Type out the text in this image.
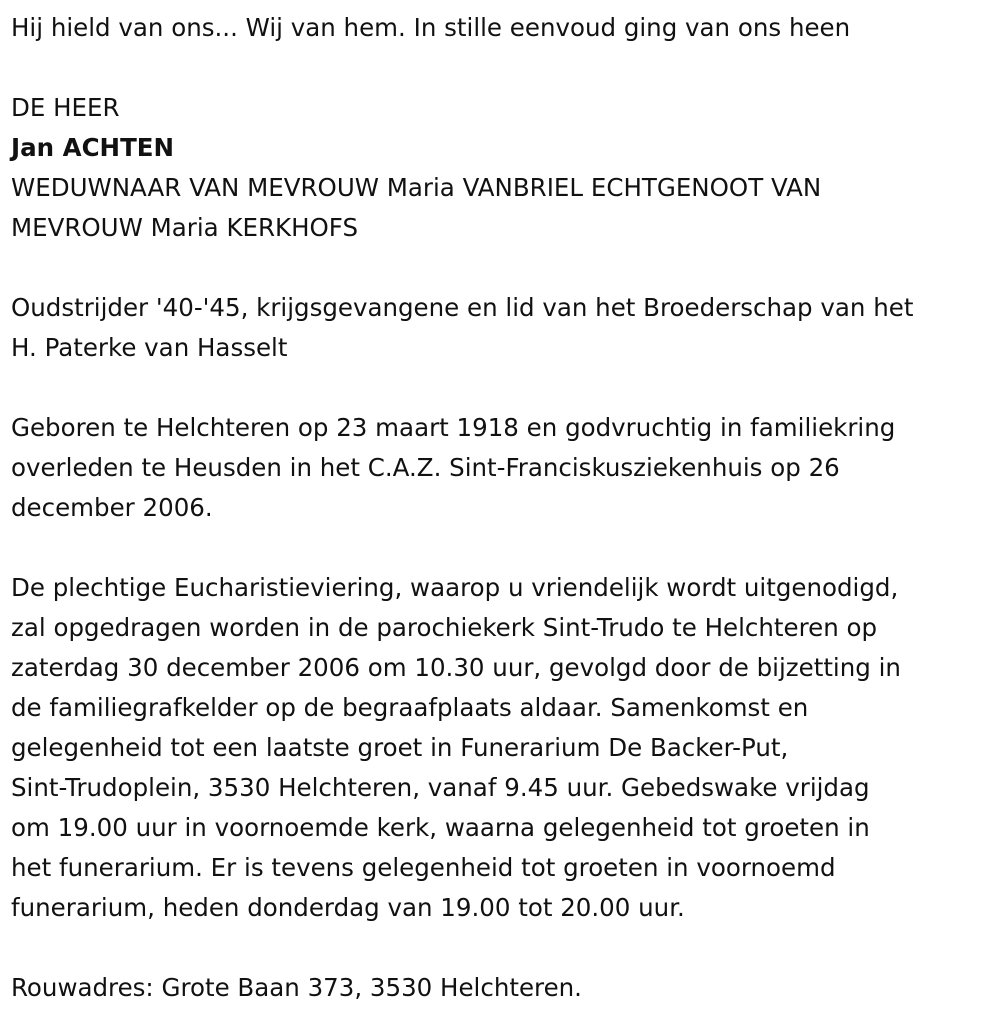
Hij hield van ons... Wij van hem. In stille eenvoud ging van ons heen

DE HEER

Jan ACHTEN

WEDUWNAAR VAN MEVROUW Maria VANBRIEL ECHTGENOOT VAN

MEVROUW Maria KERKHOFS

Oudstrijder '40-'45, krijgsgevangene en lid van het Broederschap van het

H. Paterke van Hasselt

Geboren te Helchteren op 23 maart 1918 en godvruchtig in familiekring

overleden te Heusden in het C.A.Z. Sint-Franciskusziekenhuis op 26

december 2006.

De plechtige Eucharistieviering, waarop u vriendelijk wordt uitgenodigd,

zal opgedragen worden in de parochiekerk Sint-Trudo te Helchteren op

zaterdag 30 december 2006 om 10.30 uur, gevolgd door de bijzetting in

de familiegrafkelder op de begraafplaats aldaar. Samenkomst en

gelegenheid tot een laatste groet in Funerarium De Backer-Put,

Sint-Trudoplein, 3530 Helchteren, vanaf 9.45 uur. Gebedswake vrijdag

om 19.00 uur in voornoemde kerk, waarna gelegenheid tot groeten in

het funerarium. Er is tevens gelegenheid tot groeten in voornoemd

funerarium, heden donderdag van 19.00 tot 20.00 uur.

Rouwadres: Grote Baan 373, 3530 Helchteren.
